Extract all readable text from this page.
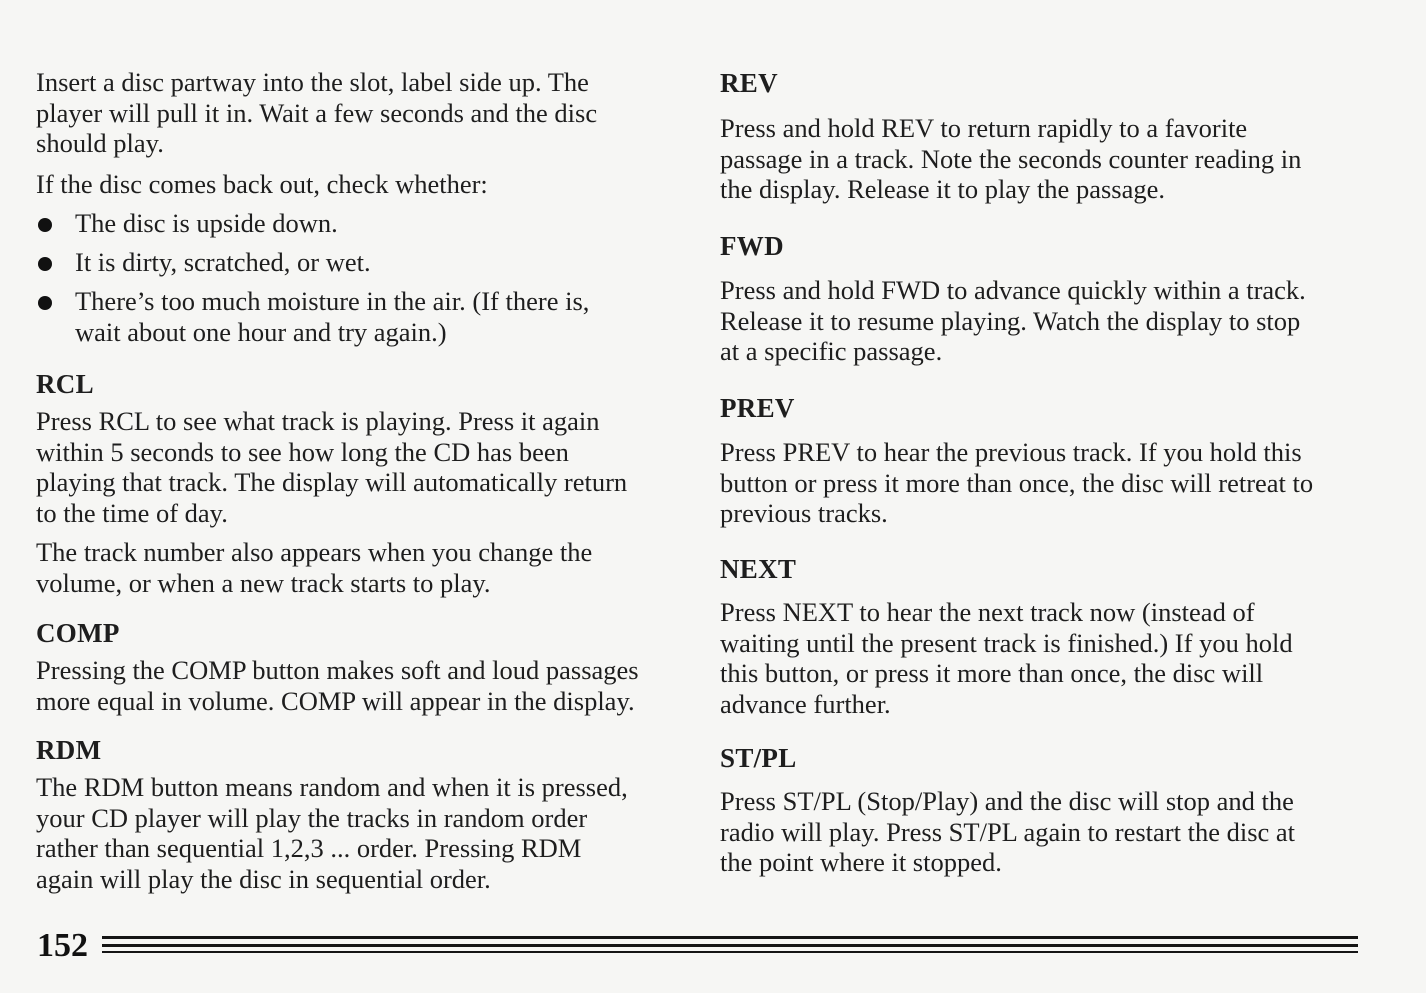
Insert a disc partway into the slot, label side up. The
player will pull it in. Wait a few seconds and the disc
should play.
If the disc comes back out, check whether:
The disc is upside down.
It is dirty, scratched, or wet.
There’s too much moisture in the air. (If there is,
wait about one hour and try again.)
RCL
Press RCL to see what track is playing. Press it again
within 5 seconds to see how long the CD has been
playing that track. The display will automatically return
to the time of day.
The track number also appears when you change the
volume, or when a new track starts to play.
COMP
Pressing the COMP button makes soft and loud passages
more equal in volume. COMP will appear in the display.
RDM
The RDM button means random and when it is pressed,
your CD player will play the tracks in random order
rather than sequential 1,2,3 ... order. Pressing RDM
again will play the disc in sequential order.
REV
Press and hold REV to return rapidly to a favorite
passage in a track. Note the seconds counter reading in
the display. Release it to play the passage.
FWD
Press and hold FWD to advance quickly within a track.
Release it to resume playing. Watch the display to stop
at a specific passage.
PREV
Press PREV to hear the previous track. If you hold this
button or press it more than once, the disc will retreat to
previous tracks.
NEXT
Press NEXT to hear the next track now (instead of
waiting until the present track is finished.) If you hold
this button, or press it more than once, the disc will
advance further.
ST/PL
Press ST/PL (Stop/Play) and the disc will stop and the
radio will play. Press ST/PL again to restart the disc at
the point where it stopped.
152
